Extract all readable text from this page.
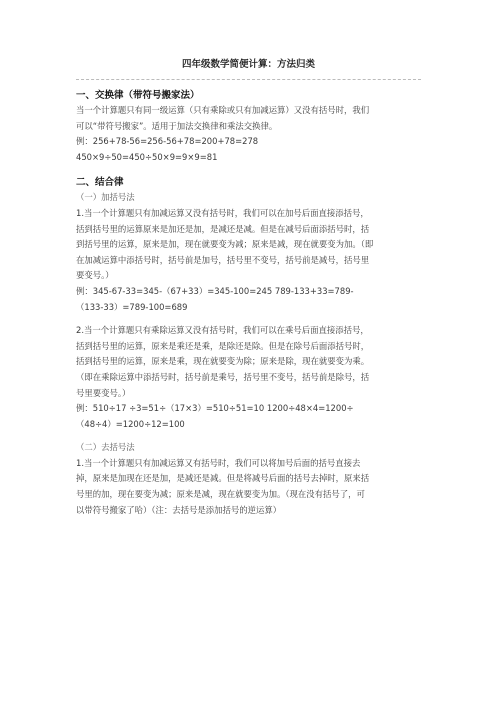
四年级数学简便计算：方法归类

一、交换律（带符号搬家法）

当一个计算题只有同一级运算（只有乘除或只有加减运算）又没有括号时，我们

可以“带符号搬家”。适用于加法交换律和乘法交换律。

例：256+78-56=256-56+78=200+78=278

450×9÷50=450÷50×9=9×9=81

二、结合律

（一）加括号法

1.当一个计算题只有加减运算又没有括号时，我们可以在加号后面直接添括号，

括到括号里的运算原来是加还是加，是减还是减。但是在减号后面添括号时，括

到括号里的运算，原来是加，现在就要变为减；原来是减，现在就要变为加。（即

在加减运算中添括号时，括号前是加号，括号里不变号，括号前是减号，括号里

要变号。）

例：345-67-33=345-（67+33）=345-100=245 789-133+33=789-

（133-33）=789-100=689

2.当一个计算题只有乘除运算又没有括号时，我们可以在乘号后面直接添括号，

括到括号里的运算，原来是乘还是乘，是除还是除。但是在除号后面添括号时，

括到括号里的运算，原来是乘，现在就要变为除；原来是除，现在就要变为乘。

（即在乘除运算中添括号时，括号前是乘号，括号里不变号，括号前是除号，括

号里要变号。）

例：510÷17 ÷3=51÷（17×3）=510÷51=10 1200÷48×4=1200÷

（48÷4）=1200÷12=100

（二）去括号法

1.当一个计算题只有加减运算又有括号时，我们可以将加号后面的括号直接去

掉，原来是加现在还是加，是减还是减。但是将减号后面的括号去掉时，原来括

号里的加，现在要变为减；原来是减，现在就要变为加。（现在没有括号了，可

以带符号搬家了哈）（注：去括号是添加括号的逆运算）
